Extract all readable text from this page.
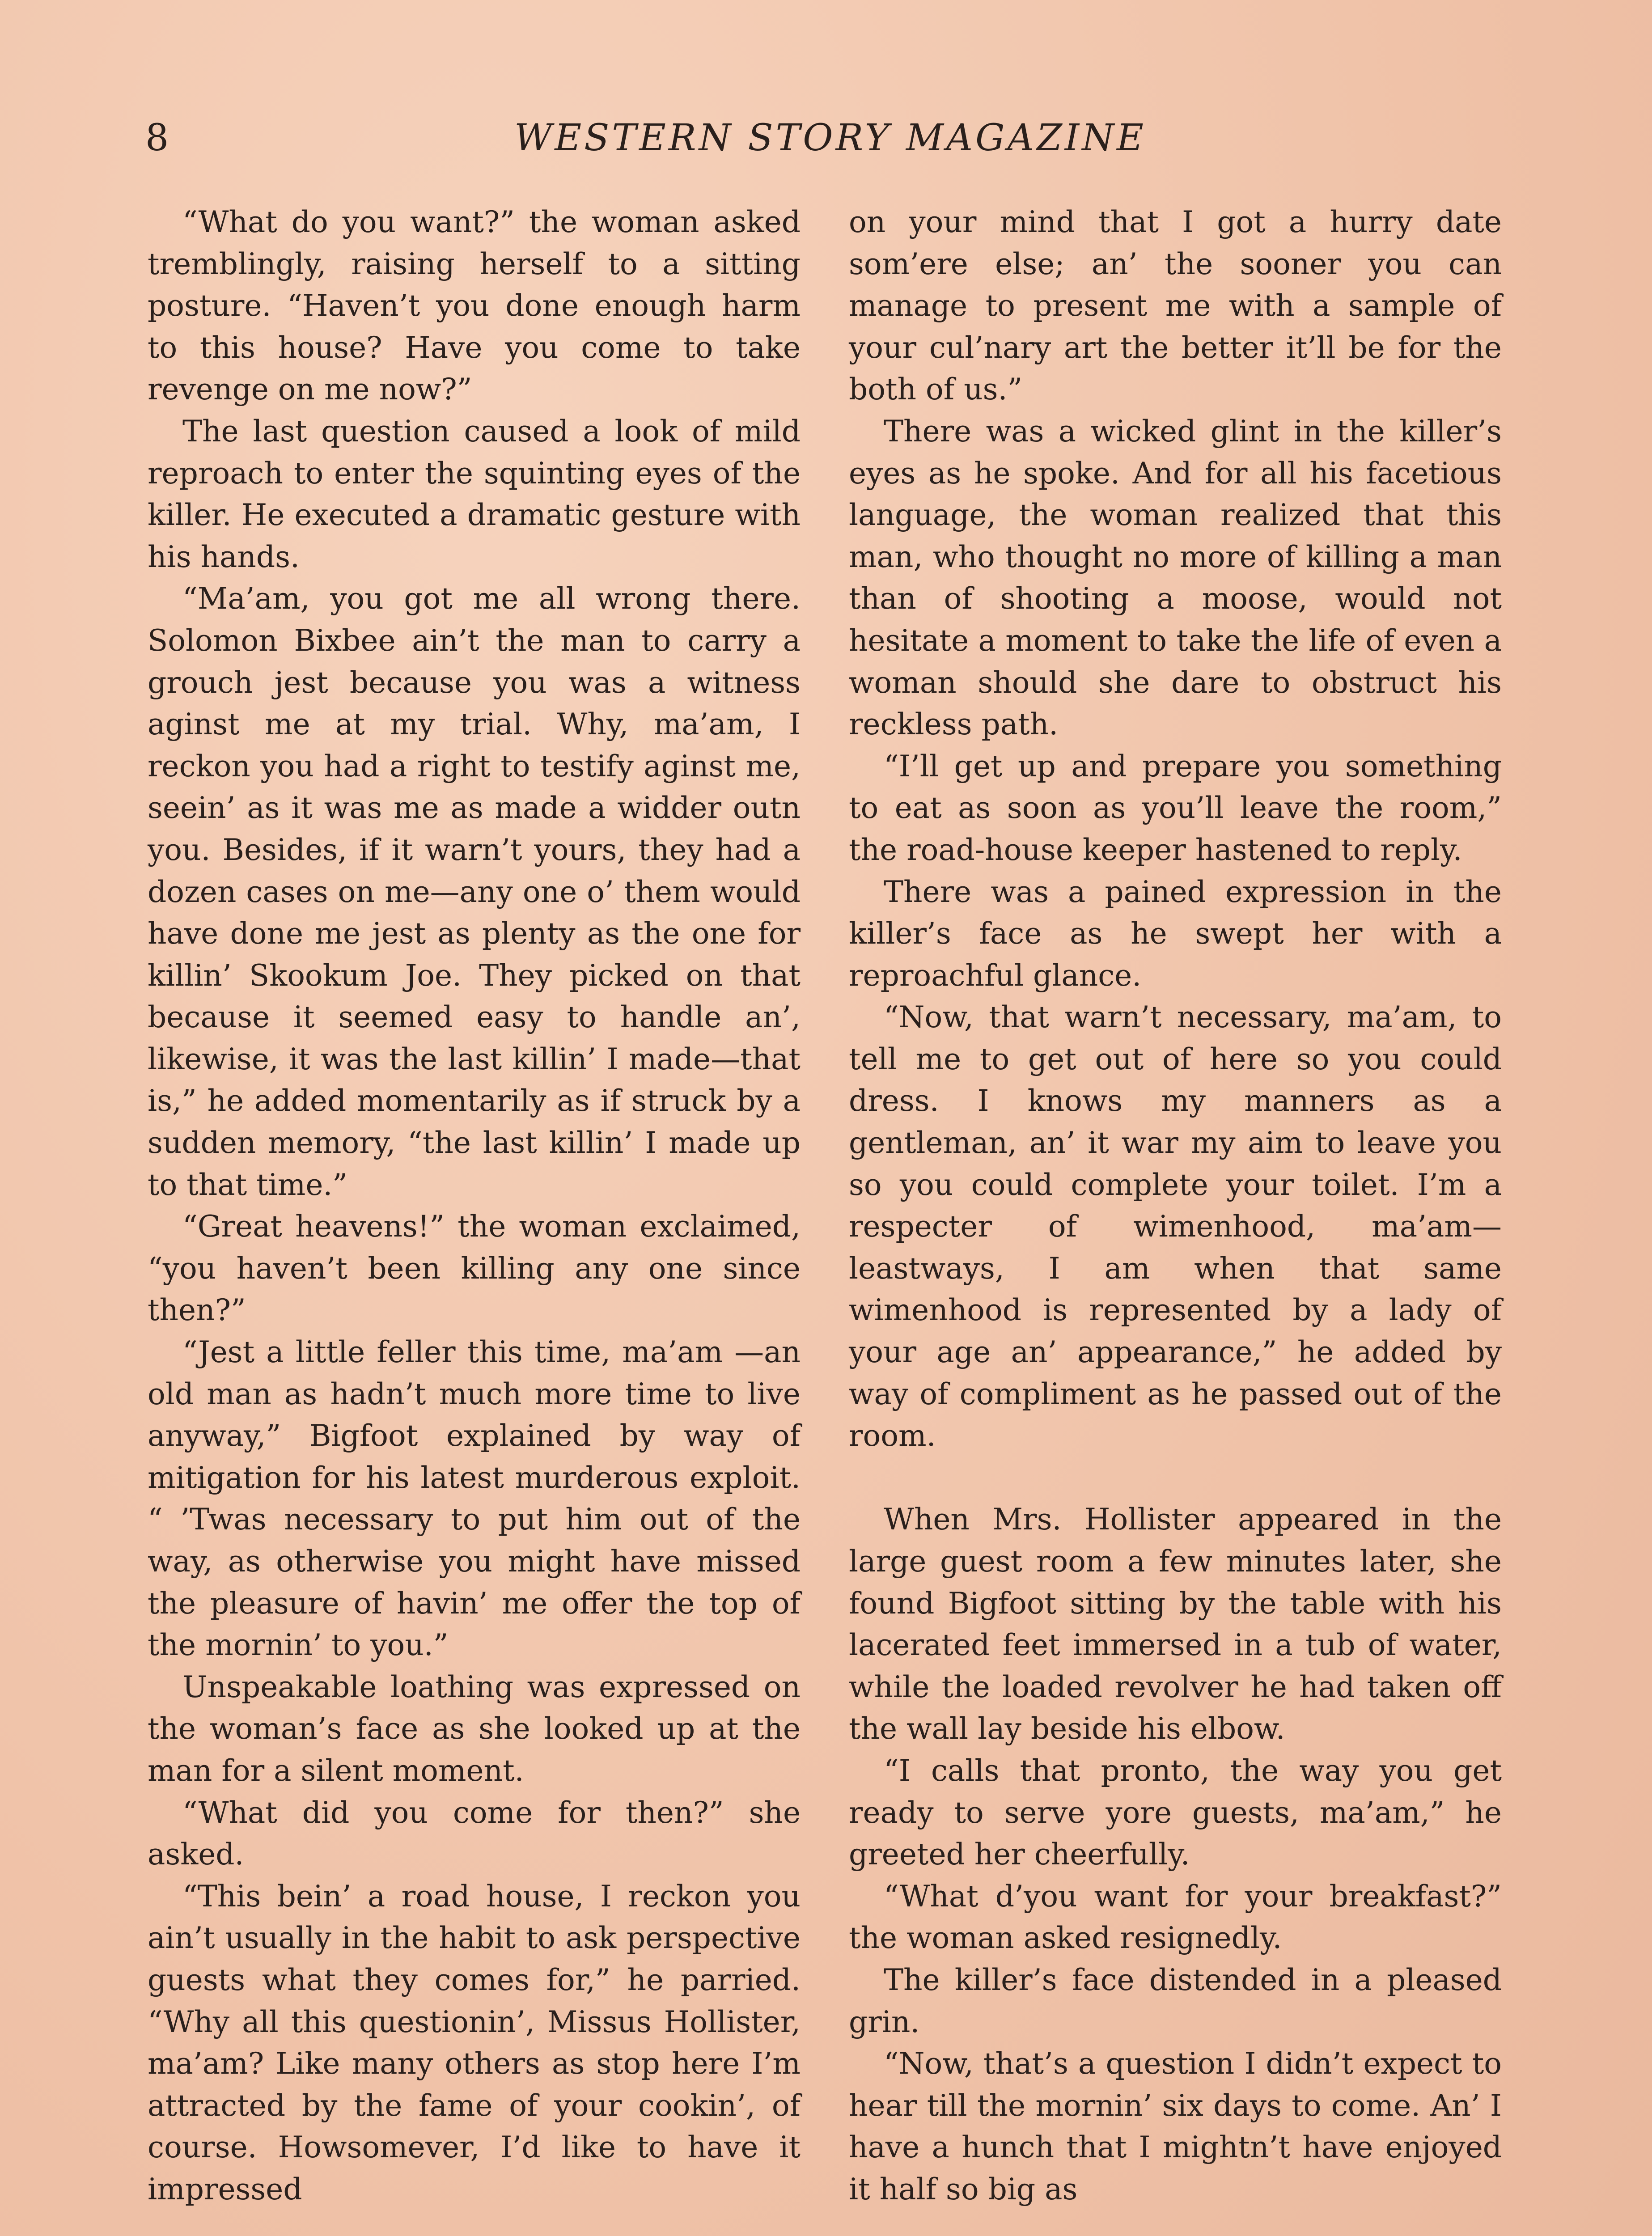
8	WESTERN STORY MAGAZINE

“What do you want?” the woman asked tremblingly, raising herself to a sitting posture. “Haven’t you done enough harm to this house? Have you come to take revenge on me now?”

The last question caused a look of mild reproach to enter the squinting eyes of the killer. He executed a dramatic gesture with his hands.

“Ma’am, you got me all wrong there. Solomon Bixbee ain’t the man to carry a grouch jest because you was a witness aginst me at my trial. Why, ma’am, I reckon you had a right to testify aginst me, seein’ as it was me as made a widder outn you. Besides, if it warn’t yours, they had a dozen cases on me—any one o’ them would have done me jest as plenty as the one for killin’ Skookum Joe. They picked on that because it seemed easy to handle an’, likewise, it was the last killin’ I made—that is,” he added momentarily as if struck by a sudden memory, “the last killin’ I made up to that time.”

“Great heavens!” the woman exclaimed, “you haven’t been killing any one since then?”

“Jest a little feller this time, ma’am —an old man as hadn’t much more time to live anyway,” Bigfoot explained by way of mitigation for his latest murderous exploit. “ ’Twas necessary to put him out of the way, as otherwise you might have missed the pleasure of havin’ me offer the top of the mornin’ to you.”

Unspeakable loathing was expressed on the woman’s face as she looked up at the man for a silent moment.

“What did you come for then?” she asked.

“This bein’ a road house, I reckon you ain’t usually in the habit to ask perspective guests what they comes for,” he parried. “Why all this questionin’, Missus Hollister, ma’am? Like many others as stop here I’m attracted by the fame of your cookin’, of course. Howsomever, I’d like to have it impressed

on your mind that I got a hurry date som’ere else; an’ the sooner you can manage to present me with a sample of your cul’nary art the better it’ll be for the both of us.”

There was a wicked glint in the killer’s eyes as he spoke. And for all his facetious language, the woman realized that this man, who thought no more of killing a man than of shooting a moose, would not hesitate a moment to take the life of even a woman should she dare to obstruct his reckless path.

“I’ll get up and prepare you something to eat as soon as you’ll leave the room,” the road-house keeper hastened to reply.

There was a pained expression in the killer’s face as he swept her with a reproachful glance.

“Now, that warn’t necessary, ma’am, to tell me to get out of here so you could dress. I knows my manners as a gentleman, an’ it war my aim to leave you so you could complete your toilet. I’m a respecter of wimenhood, ma’am—leastways, I am when that same wimenhood is represented by a lady of your age an’ appearance,” he added by way of compliment as he passed out of the room.

When Mrs. Hollister appeared in the large guest room a few minutes later, she found Bigfoot sitting by the table with his lacerated feet immersed in a tub of water, while the loaded revolver he had taken off the wall lay beside his elbow.

“I calls that pronto, the way you get ready to serve yore guests, ma’am,” he greeted her cheerfully.

“What d’you want for your breakfast?” the woman asked resignedly.

The killer’s face distended in a pleased grin.

“Now, that’s a question I didn’t expect to hear till the mornin’ six days to come. An’ I have a hunch that I mightn’t have enjoyed it half so big as
